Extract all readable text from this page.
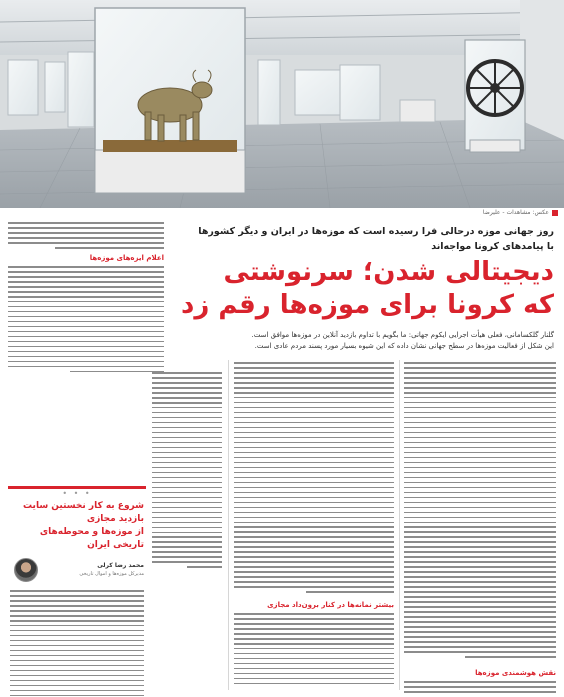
عکس: مشاهدات - علیرضا
روز جهانی موزه درحالی فرا رسیده است که موزه‌ها در ایران و دیگر کشورها
با پیامدهای کرونا مواجه‌اند
دیجیتالی شدن؛ سرنوشتی
که کرونا برای موزه‌ها رقم زد
گلنار گلکسامانی، فعلی هیأت اجرایی ایکوم جهانی: ما بگویم با تداوم بازدید آنلاین در موزه‌ها موافق است.
این شکل از فعالیت موزه‌ها در سطح جهانی نشان داده که این شیوه بسیار مورد پسند مردم عادی است.
اعلام ایزه‌های موزه‌ها
بیشتر نمانه‌ها در کنار برون‌داد مجازی
نقش هوشمندی موزه‌ها
• • •
شروع به کار نخستین سایت بازدید مجازی
از موزه‌ها و محوطه‌های تاریخی ایران
محمد رضا کرلی
مدیرکل موزه‌ها و اموال تاریخی
